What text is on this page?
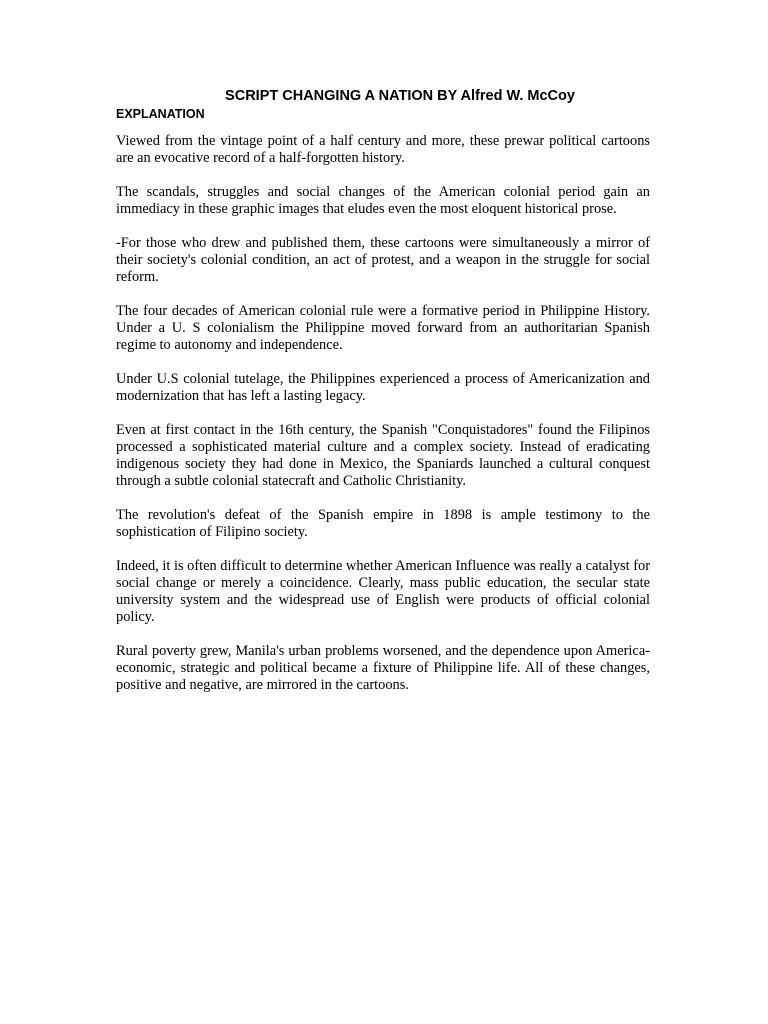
SCRIPT CHANGING A NATION BY Alfred W. McCoy
EXPLANATION

Viewed from the vintage point of a half century and more, these prewar political cartoons are an evocative record of a half-forgotten history.

The scandals, struggles and social changes of the American colonial period gain an immediacy in these graphic images that eludes even the most eloquent historical prose.

-For those who drew and published them, these cartoons were simultaneously a mirror of their society's colonial condition, an act of protest, and a weapon in the struggle for social reform.

The four decades of American colonial rule were a formative period in Philippine History. Under a U. S colonialism the Philippine moved forward from an authoritarian Spanish regime to autonomy and independence.

Under U.S colonial tutelage, the Philippines experienced a process of Americanization and modernization that has left a lasting legacy.

Even at first contact in the 16th century, the Spanish "Conquistadores" found the Filipinos processed a sophisticated material culture and a complex society. Instead of eradicating indigenous society they had done in Mexico, the Spaniards launched a cultural conquest through a subtle colonial statecraft and Catholic Christianity.

The revolution's defeat of the Spanish empire in 1898 is ample testimony to the sophistication of Filipino society.

Indeed, it is often difficult to determine whether American Influence was really a catalyst for social change or merely a coincidence. Clearly, mass public education, the secular state university system and the widespread use of English were products of official colonial policy.

Rural poverty grew, Manila's urban problems worsened, and the dependence upon America- economic, strategic and political became a fixture of Philippine life. All of these changes, positive and negative, are mirrored in the cartoons.
